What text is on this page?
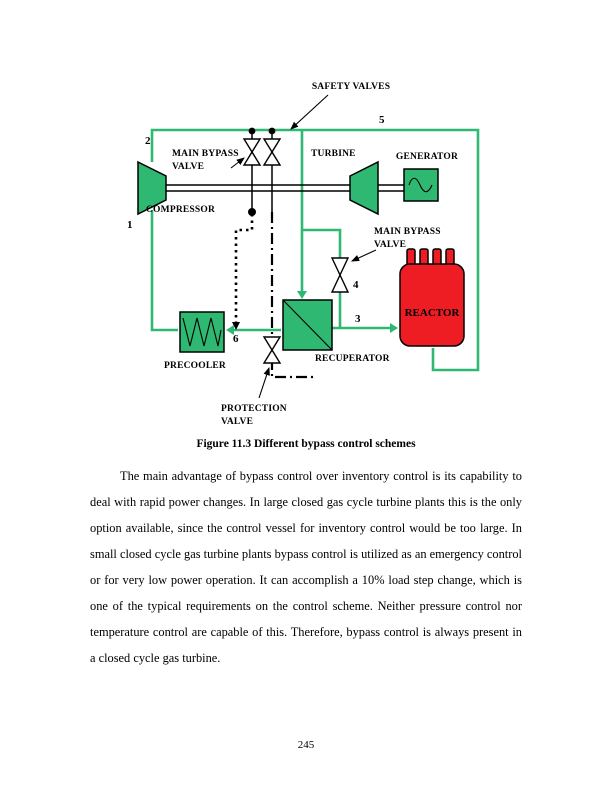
REACTOR
SAFETY VALVES
MAIN BYPASS
VALVE
TURBINE	GENERATOR
COMPRESSOR
MAIN BYPASS
VALVE
RECUPERATOR
PRECOOLER
PROTECTION
VALVE
1
2
3
4
5
6
Figure 11.3 Different bypass control schemes
The main advantage of bypass control over inventory control is its capability to deal with rapid power changes. In large closed gas cycle turbine plants this is the only option available, since the control vessel for inventory control would be too large. In small closed cycle gas turbine plants bypass control is utilized as an emergency control or for very low power operation. It can accomplish a 10% load step change, which is one of the typical requirements on the control scheme. Neither pressure control nor temperature control are capable of this. Therefore, bypass control is always present in a closed cycle gas turbine.
245
